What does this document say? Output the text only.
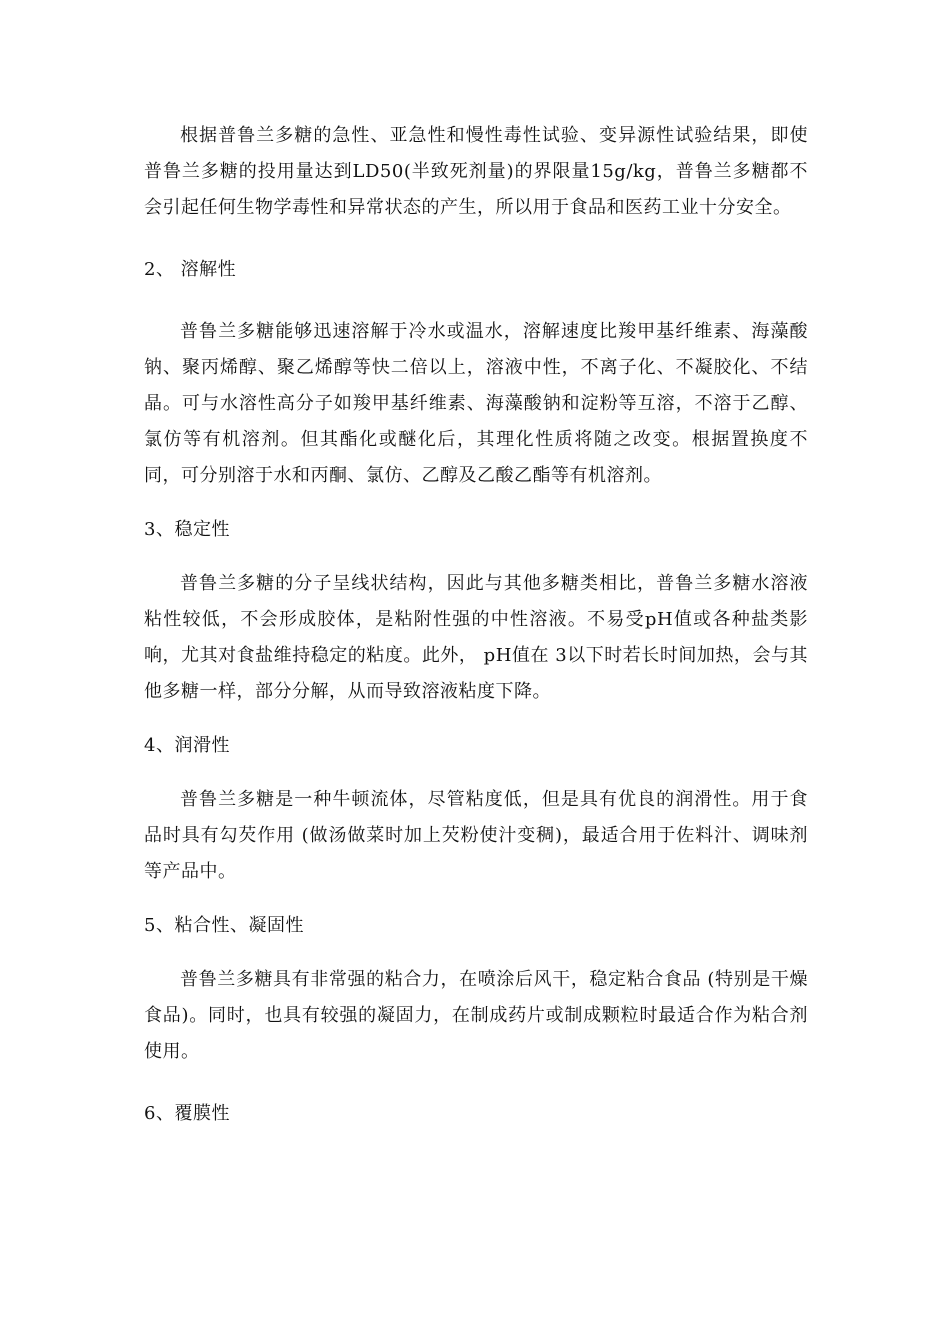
根据普鲁兰多糖的急性、亚急性和慢性毒性试验、变异源性试验结果，即使普鲁兰多糖的投用量达到LD50(半致死剂量)的界限量15g/kg，普鲁兰多糖都不会引起任何生物学毒性和异常状态的产生，所以用于食品和医药工业十分安全。

2、 溶解性

普鲁兰多糖能够迅速溶解于冷水或温水，溶解速度比羧甲基纤维素、海藻酸钠、聚丙烯醇、聚乙烯醇等快二倍以上，溶液中性，不离子化、不凝胶化、不结晶。可与水溶性高分子如羧甲基纤维素、海藻酸钠和淀粉等互溶，不溶于乙醇、氯仿等有机溶剂。但其酯化或醚化后，其理化性质将随之改变。根据置换度不同，可分别溶于水和丙酮、氯仿、乙醇及乙酸乙酯等有机溶剂。

3、稳定性

普鲁兰多糖的分子呈线状结构，因此与其他多糖类相比，普鲁兰多糖水溶液粘性较低，不会形成胶体，是粘附性强的中性溶液。不易受pH值或各种盐类影响，尤其对食盐维持稳定的粘度。此外， pH值在 3以下时若长时间加热，会与其他多糖一样，部分分解，从而导致溶液粘度下降。

4、润滑性

普鲁兰多糖是一种牛顿流体，尽管粘度低，但是具有优良的润滑性。用于食品时具有勾芡作用 (做汤做菜时加上芡粉使汁变稠)，最适合用于佐料汁、调味剂等产品中。

5、粘合性、凝固性

普鲁兰多糖具有非常强的粘合力，在喷涂后风干，稳定粘合食品 (特别是干燥食品)。同时，也具有较强的凝固力，在制成药片或制成颗粒时最适合作为粘合剂使用。

6、覆膜性
